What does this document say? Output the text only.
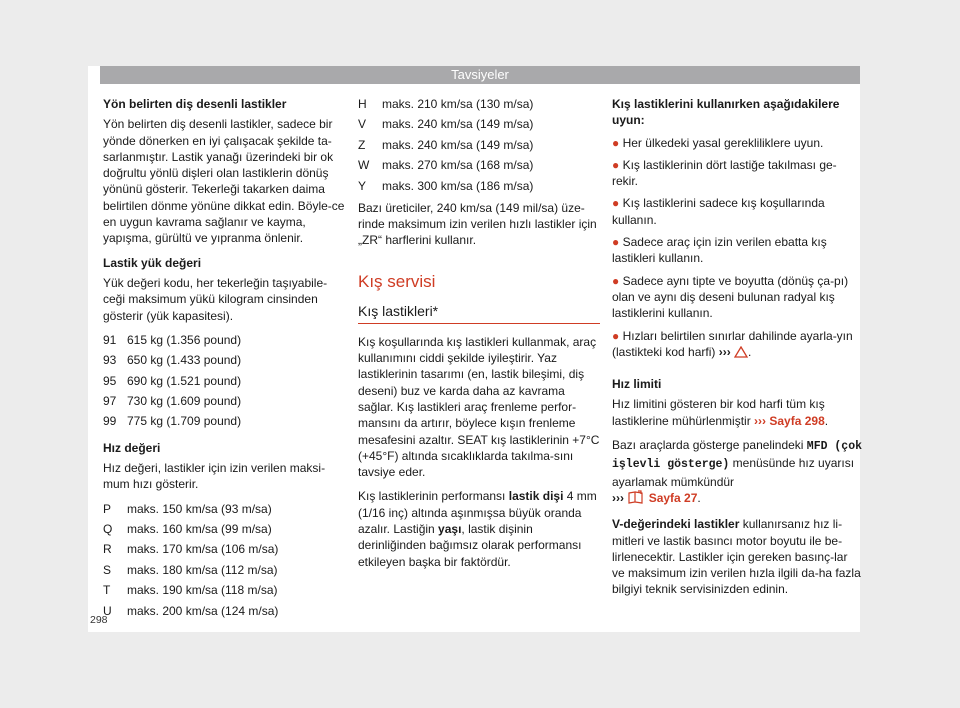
Tavsiyeler
298

Yön belirten diş desenli lastikler

Yön belirten diş desenli lastikler, sadece bir yönde dönerken en iyi çalışacak şekilde ta-sarlanmıştır. Lastik yanağı üzerindeki bir ok doğrultu yönlü dişleri olan lastiklerin dönüş yönünü gösterir. Tekerleği takarken daima belirtilen dönme yönüne dikkat edin. Böyle-ce en uygun kavrama sağlanır ve kayma, yapışma, gürültü ve yıpranma önlenir.

Lastik yük değeri

Yük değeri kodu, her tekerleğin taşıyabile-ceği maksimum yükü kilogram cinsinden gösterir (yük kapasitesi).

91 615 kg (1.356 pound)
93 650 kg (1.433 pound)
95 690 kg (1.521 pound)
97 730 kg (1.609 pound)
99 775 kg (1.709 pound)

Hız değeri

Hız değeri, lastikler için izin verilen maksi-mum hızı gösterir.

P	maks. 150 km/sa (93 m/sa)
Q	maks. 160 km/sa (99 m/sa)
R	maks. 170 km/sa (106 m/sa)
S	maks. 180 km/sa (112 m/sa)
T	maks. 190 km/sa (118 m/sa)
U	maks. 200 km/sa (124 m/sa)
H	maks. 210 km/sa (130 m/sa)
V	maks. 240 km/sa (149 m/sa)
Z	maks. 240 km/sa (149 m/sa)
W	maks. 270 km/sa (168 m/sa)
Y	maks. 300 km/sa (186 m/sa)

Bazı üreticiler, 240 km/sa (149 mil/sa) üze-rinde maksimum izin verilen hızlı lastikler için „ZR“ harflerini kullanır.

Kış servisi

Kış lastikleri*

Kış koşullarında kış lastikleri kullanmak, araç kullanımını ciddi şekilde iyileştirir. Yaz lastiklerinin tasarımı (en, lastik bileşimi, diş deseni) buz ve karda daha az kavrama sağlar. Kış lastikleri araç frenleme perfor-mansını da artırır, böylece kışın frenleme mesafesini azaltır. SEAT kış lastiklerinin +7°C (+45°F) altında sıcaklıklarda takılma-sını tavsiye eder.

Kış lastiklerinin performansı lastik dişi 4 mm (1/16 inç) altında aşınmışsa büyük oranda azalır. Lastiğin yaşı, lastik dişinin derinliğinden bağımsız olarak performansı etkileyen başka bir faktördür.

Kış lastiklerini kullanırken aşağıdakilere uyun:

● Her ülkedeki yasal gerekliliklere uyun.

● Kış lastiklerinin dört lastiğe takılması ge-rekir.

● Kış lastiklerini sadece kış koşullarında kullanın.

● Sadece araç için izin verilen ebatta kış lastikleri kullanın.

● Sadece aynı tipte ve boyutta (dönüş ça-pı) olan ve aynı diş deseni bulunan radyal kış lastiklerini kullanın.

● Hızları belirtilen sınırlar dahilinde ayarla-yın (lastikteki kod harfi) ››› .

Hız limiti

Hız limitini gösteren bir kod harfi tüm kış lastiklerine mühürlenmiştir ››› Sayfa 298.

Bazı araçlarda gösterge panelindeki MFD (çok işlevli gösterge) menüsünde hız uyarısı ayarlamak mümkündür
››› Sayfa 27.

V-değerindeki lastikler kullanırsanız hız li-mitleri ve lastik basıncı motor boyutu ile be-lirlenecektir. Lastikler için gereken basınç-lar ve maksimum izin verilen hızla ilgili da-ha fazla bilgiyi teknik servisinizden edinin.
